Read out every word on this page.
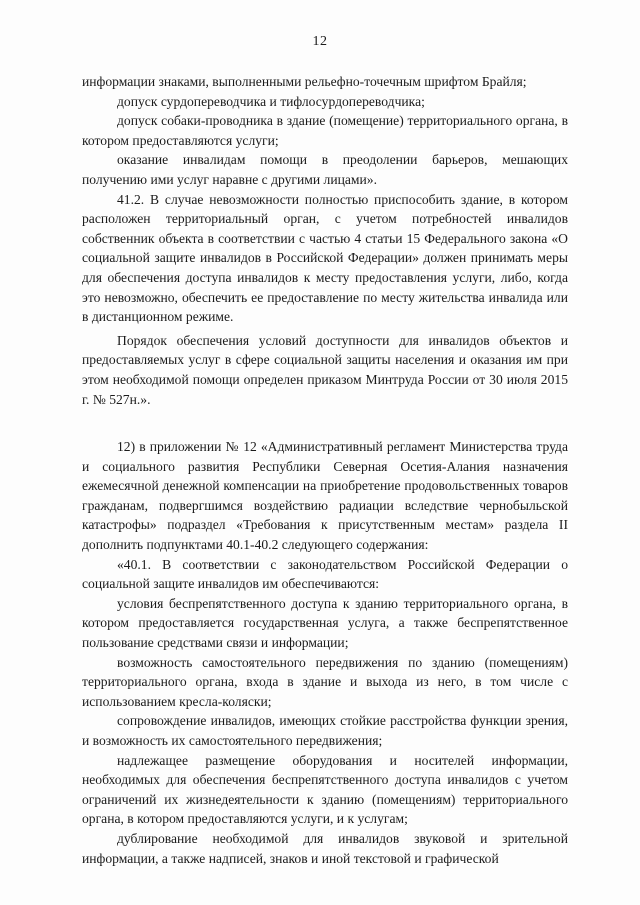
12

информации знаками, выполненными рельефно-точечным шрифтом Брайля;

допуск сурдопереводчика и тифлосурдопереводчика;

допуск собаки-проводника в здание (помещение) территориального органа, в котором предоставляются услуги;

оказание инвалидам помощи в преодолении барьеров, мешающих получению ими услуг наравне с другими лицами».

41.2. В случае невозможности полностью приспособить здание, в котором расположен территориальный орган, с учетом потребностей инвалидов собственник объекта в соответствии с частью 4 статьи 15 Федерального закона «О социальной защите инвалидов в Российской Федерации» должен принимать меры для обеспечения доступа инвалидов к месту предоставления услуги, либо, когда это невозможно, обеспечить ее предоставление по месту жительства инвалида или в дистанционном режиме.

Порядок обеспечения условий доступности для инвалидов объектов и предоставляемых услуг в сфере социальной защиты населения и оказания им при этом необходимой помощи определен приказом Минтруда России от 30 июля 2015 г. № 527н.».

12) в приложении № 12 «Административный регламент Министерства труда и социального развития Республики Северная Осетия-Алания назначения ежемесячной денежной компенсации на приобретение продовольственных товаров гражданам, подвергшимся воздействию радиации вследствие чернобыльской катастрофы» подраздел «Требования к присутственным местам» раздела II дополнить подпунктами 40.1-40.2 следующего содержания:

«40.1. В соответствии с законодательством Российской Федерации о социальной защите инвалидов им обеспечиваются:

условия беспрепятственного доступа к зданию территориального органа, в котором предоставляется государственная услуга, а также беспрепятственное пользование средствами связи и информации;

возможность самостоятельного передвижения по зданию (помещениям) территориального органа, входа в здание и выхода из него, в том числе с использованием кресла-коляски;

сопровождение инвалидов, имеющих стойкие расстройства функции зрения, и возможность их самостоятельного передвижения;

надлежащее размещение оборудования и носителей информации, необходимых для обеспечения беспрепятственного доступа инвалидов с учетом ограничений их жизнедеятельности к зданию (помещениям) территориального органа, в котором предоставляются услуги, и к услугам;

дублирование необходимой для инвалидов звуковой и зрительной информации, а также надписей, знаков и иной текстовой и графической
